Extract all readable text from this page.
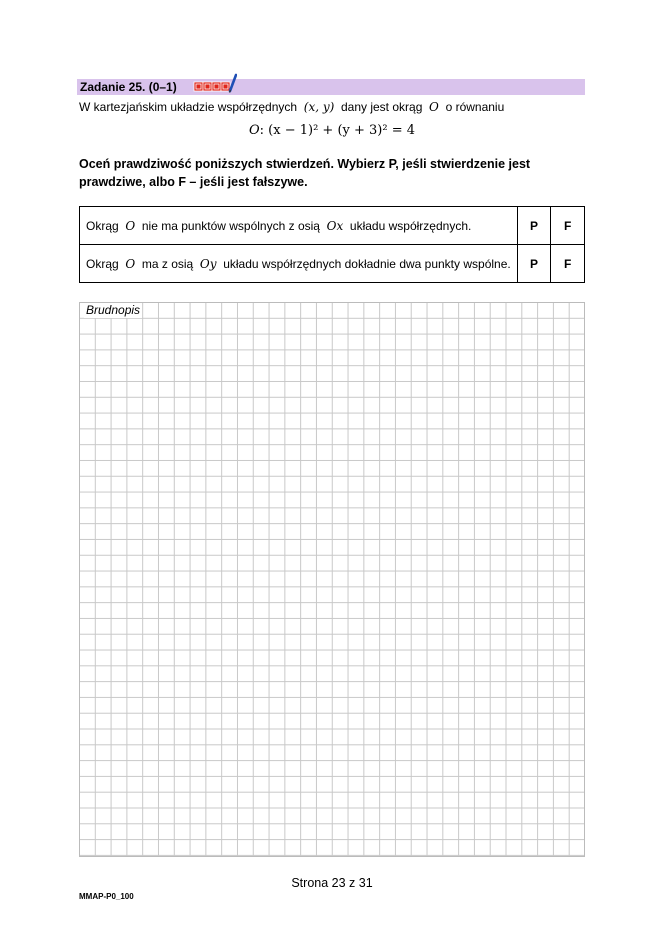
Zadanie 25. (0–1)
W kartezjańskim układzie współrzędnych (x, y) dany jest okrąg O o równaniu
O: (x − 1)² + (y + 3)² = 4
Oceń prawdziwość poniższych stwierdzeń. Wybierz P, jeśli stwierdzenie jest prawdziwe, albo F – jeśli jest fałszywe.
Okrąg O nie ma punktów wspólnych z osią Ox układu współrzędnych.	P	F
Okrąg O ma z osią Oy układu współrzędnych dokładnie dwa punkty wspólne.	P	F
Brudnopis
Strona 23 z 31
MMAP-P0_100
